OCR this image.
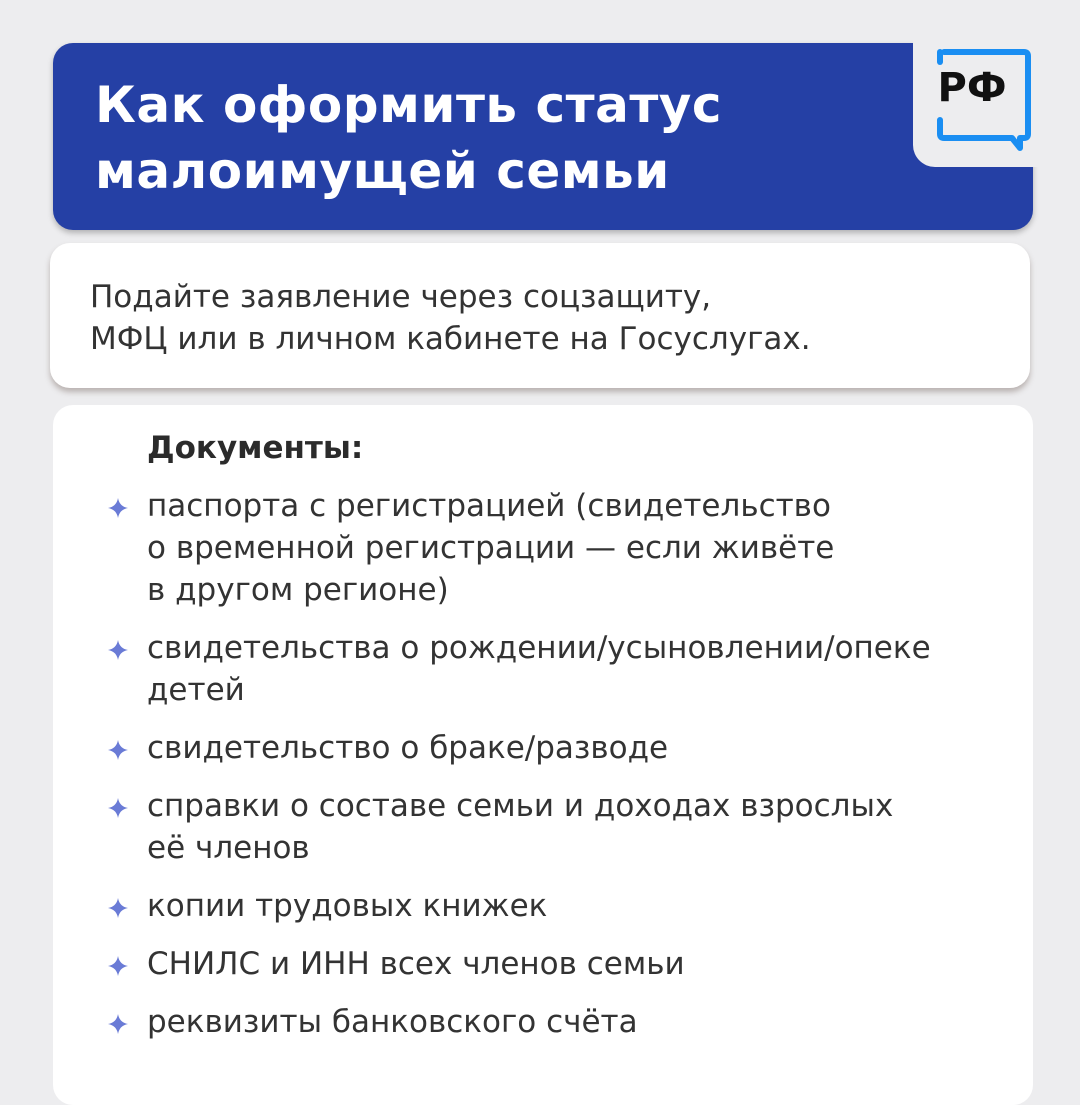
Как оформить статус
малоимущей семьи
РФ

Подайте заявление через соцзащиту,
МФЦ или в личном кабинете на Госуслугах.

Документы:
паспорта с регистрацией (свидетельство
о временной регистрации — если живёте
в другом регионе)
свидетельства о рождении/усыновлении/опеке
детей
свидетельство о браке/разводе
справки о составе семьи и доходах взрослых
её членов
копии трудовых книжек
СНИЛС и ИНН всех членов семьи
реквизиты банковского счёта
